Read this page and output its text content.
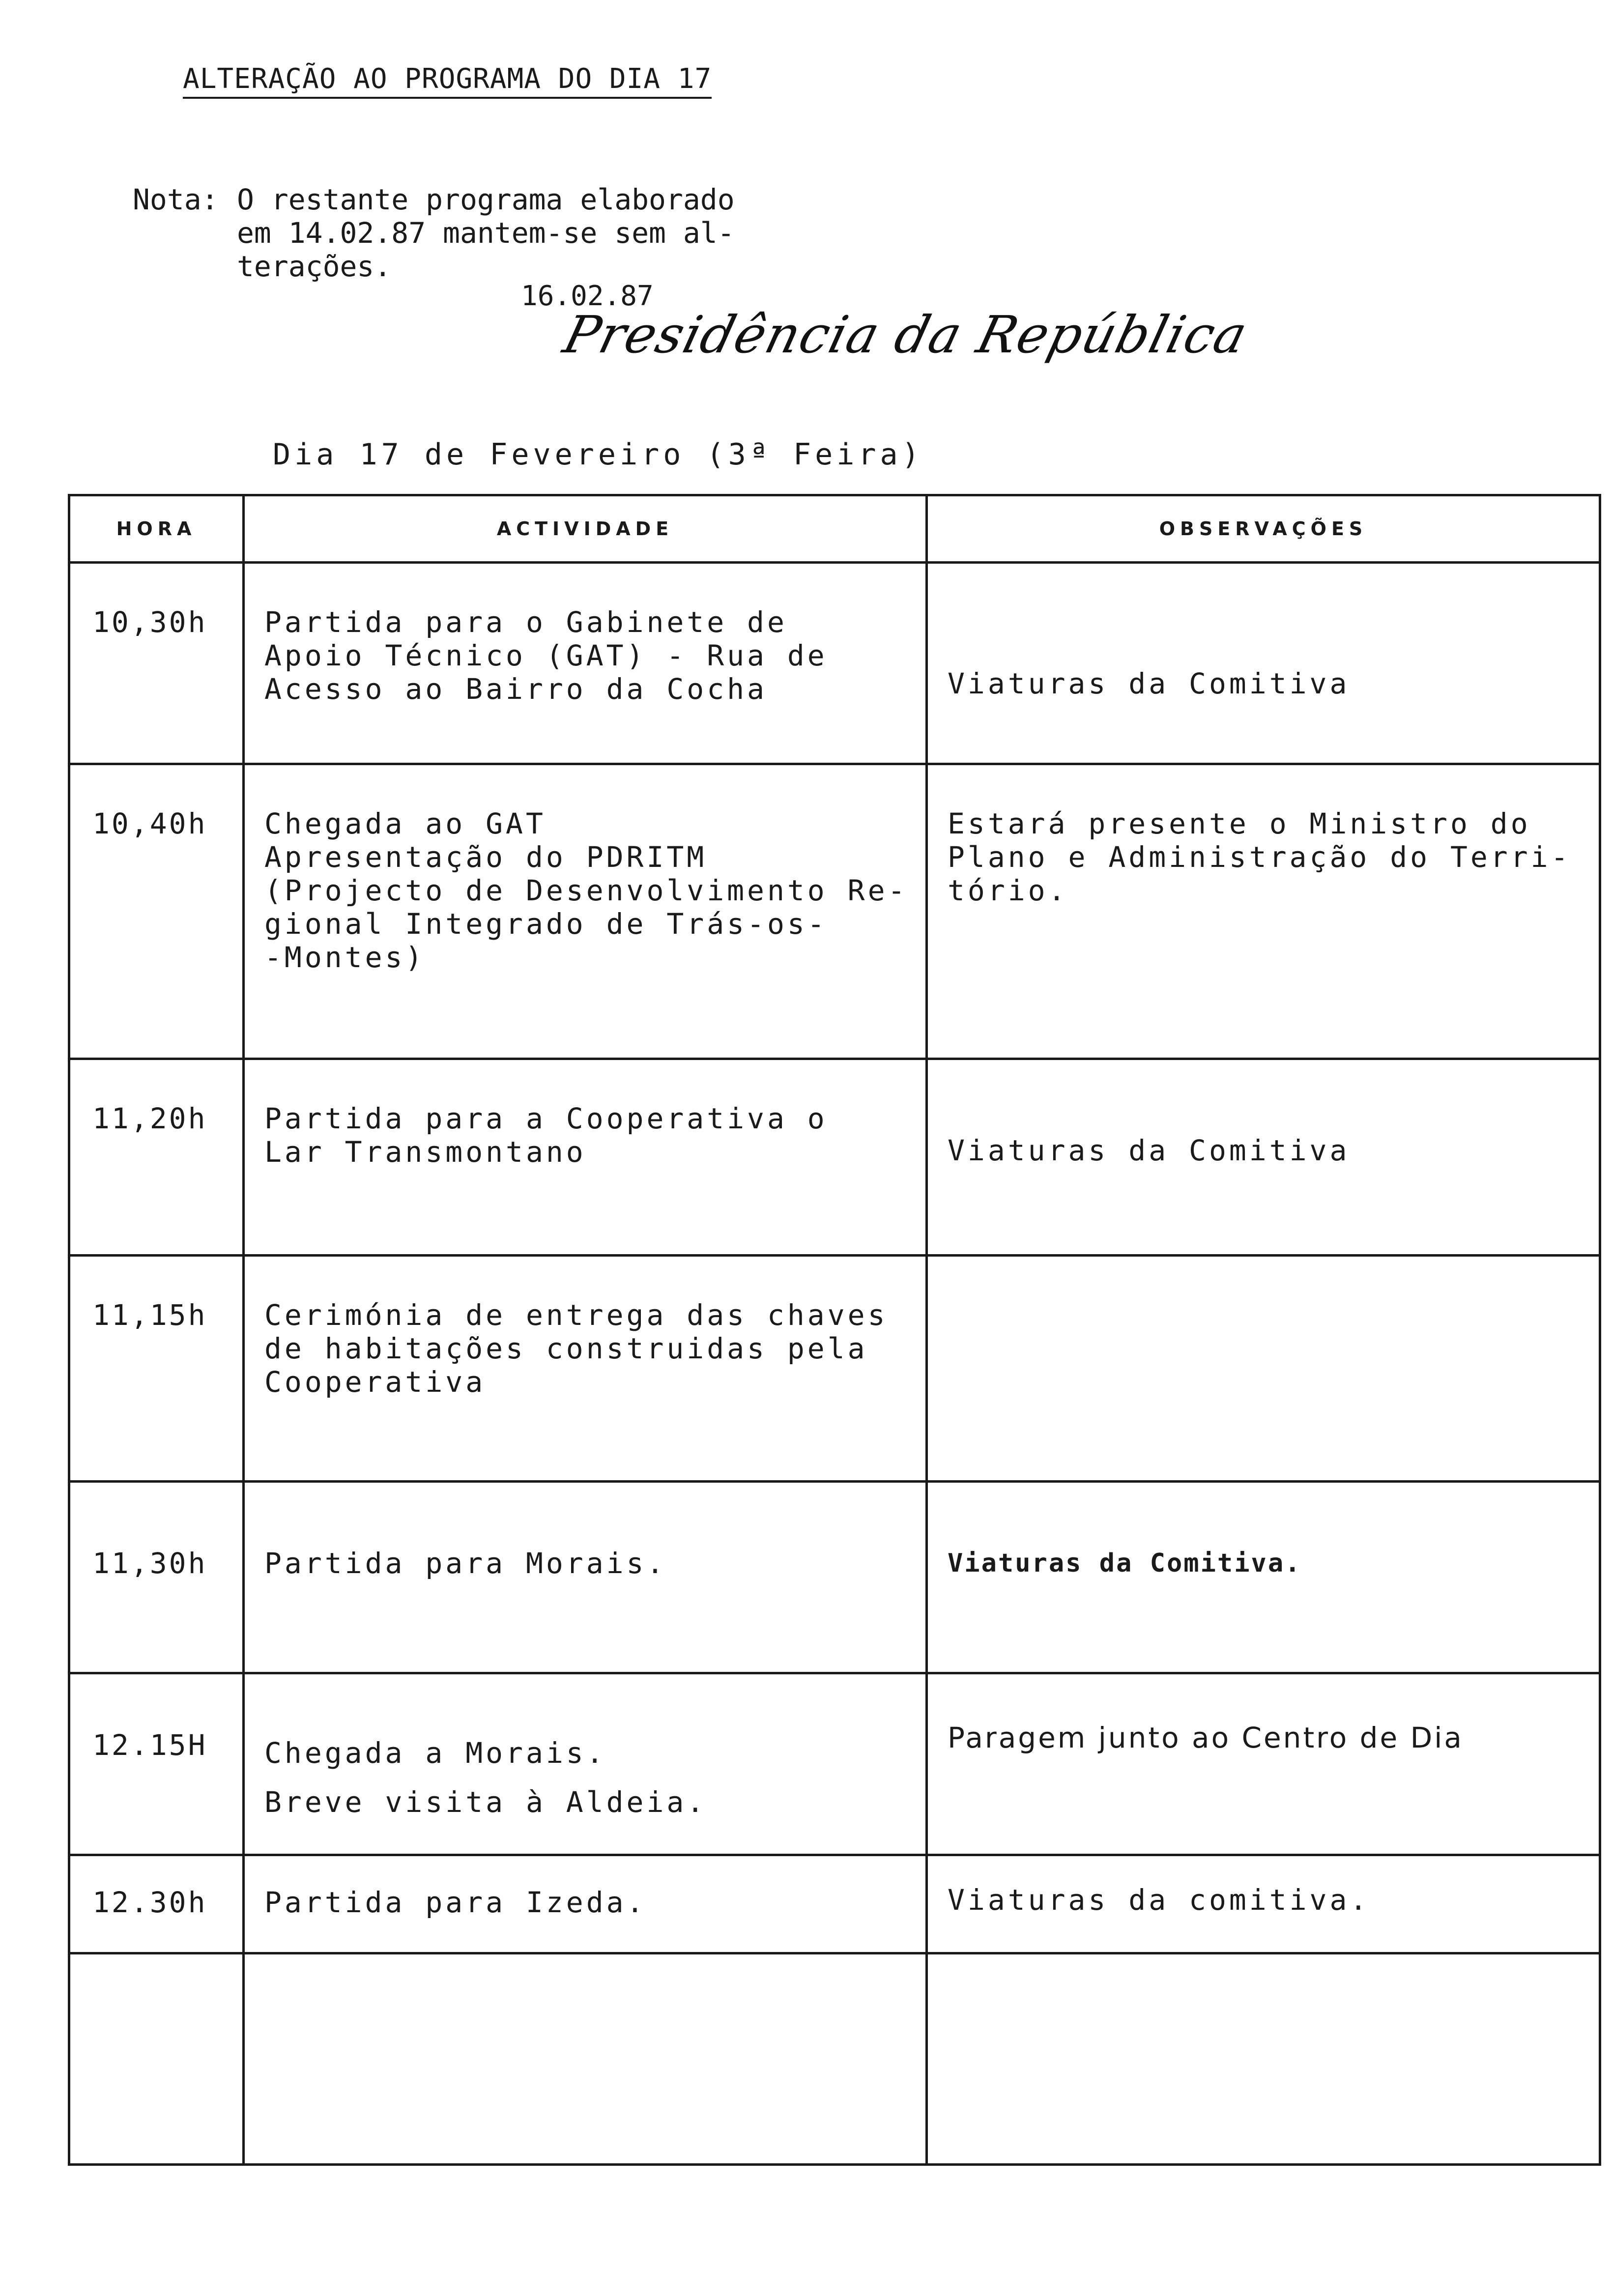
ALTERAÇÃO AO PROGRAMA DO DIA 17
Nota: O restante programa elaborado
em 14.02.87 mantem-se sem al-
terações.
16.02.87
Presidência da República
Dia 17 de Fevereiro (3ª Feira)
HORA	ACTIVIDADE	OBSERVAÇÕES
10,30h	Partida para o Gabinete de
Apoio Técnico (GAT) - Rua de
Acesso ao Bairro da Cocha	Viaturas da Comitiva

10,40h	Chegada ao GAT
Apresentação do PDRITM
(Projecto de Desenvolvimento Re-
gional Integrado de Trás-os-
-Montes)	Estará presente o Ministro do
Plano e Administração do Terri-
tório.

11,20h	Partida para a Cooperativa o
Lar Transmontano	Viaturas da Comitiva

11,15h	Cerimónia de entrega das chaves
de habitações construidas pela
Cooperativa	

11,30h	Partida para Morais.	Viaturas da Comitiva.

12.15H	Chegada a Morais.
Breve visita à Aldeia.	Paragem junto ao Centro de Dia

12.30h	Partida para Izeda.	Viaturas da comitiva.
